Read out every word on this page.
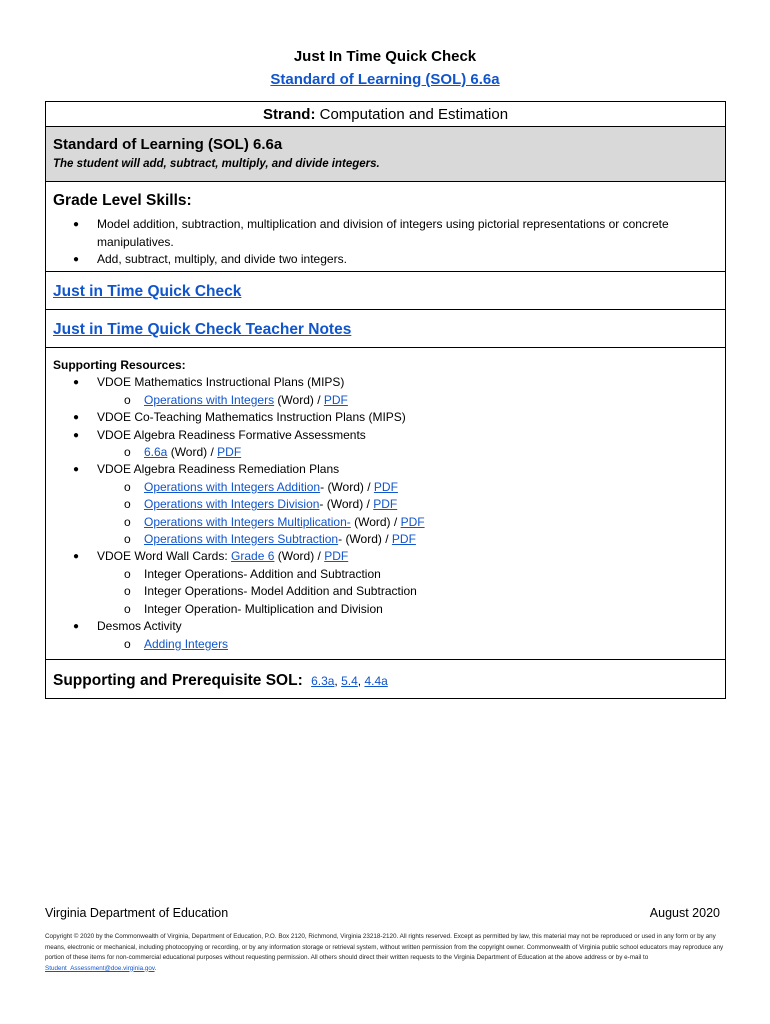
Just In Time Quick Check
Standard of Learning (SOL) 6.6a
Strand: Computation and Estimation
Standard of Learning (SOL) 6.6a
The student will add, subtract, multiply, and divide integers.
Grade Level Skills:
● Model addition, subtraction, multiplication and division of integers using pictorial representations or concrete manipulatives.
● Add, subtract, multiply, and divide two integers.
Just in Time Quick Check
Just in Time Quick Check Teacher Notes
Supporting Resources:
● VDOE Mathematics Instructional Plans (MIPS)
o Operations with Integers (Word) / PDF
● VDOE Co-Teaching Mathematics Instruction Plans (MIPS)
● VDOE Algebra Readiness Formative Assessments
o 6.6a (Word) / PDF
● VDOE Algebra Readiness Remediation Plans
o Operations with Integers Addition- (Word) / PDF
o Operations with Integers Division- (Word) / PDF
o Operations with Integers Multiplication- (Word) / PDF
o Operations with Integers Subtraction- (Word) / PDF
● VDOE Word Wall Cards: Grade 6 (Word) / PDF
o Integer Operations- Addition and Subtraction
o Integer Operations- Model Addition and Subtraction
o Integer Operation- Multiplication and Division
● Desmos Activity
o Adding Integers
Supporting and Prerequisite SOL: 6.3a, 5.4, 4.4a
Virginia Department of Education	August 2020
Copyright © 2020 by the Commonwealth of Virginia, Department of Education, P.O. Box 2120, Richmond, Virginia 23218-2120. All rights reserved. Except as permitted by law, this material may not be reproduced or used in any form or by any means, electronic or mechanical, including photocopying or recording, or by any information storage or retrieval system, without written permission from the copyright owner. Commonwealth of Virginia public school educators may reproduce any portion of these items for non-commercial educational purposes without requesting permission. All others should direct their written requests to the Virginia Department of Education at the above address or by e-mail to Student_Assessment@doe.virginia.gov.
